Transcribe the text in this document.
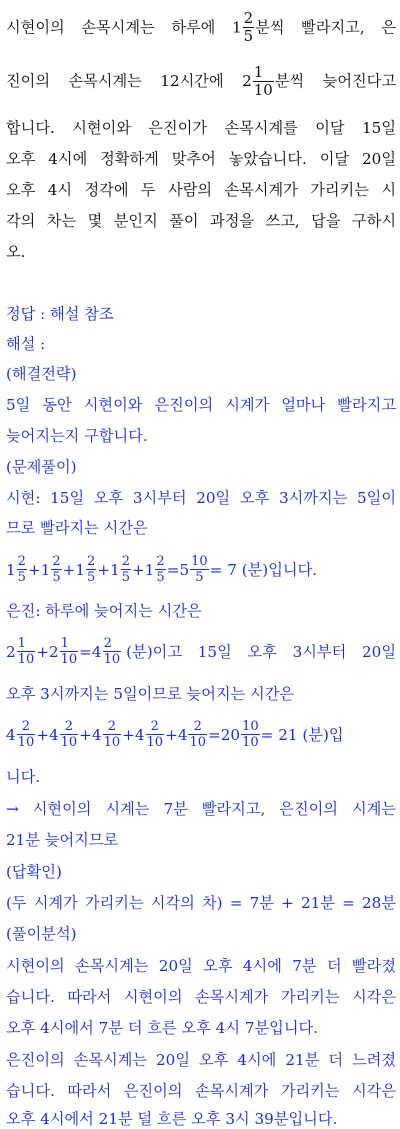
시현이의 손목시계는 하루에 $1 \frac{2}{5}$ 분씩 빨라지고, 은
진이의 손목시계는 12시간에 $2 \frac{1}{10}$ 분씩 늦어진다고
합니다. 시현이와 은진이가 손목시계를 이달 15일
오후 4시에 정확하게 맞추어 놓았습니다. 이달 20일
오후 4시 정각에 두 사람의 손목시계가 가리키는 시
각의 차는 몇 분인지 풀이 과정을 쓰고, 답을 구하시
오.
정답 : 해설 참조
해설 :
(해결전략)
5일 동안 시현이와 은진이의 시계가 얼마나 빨라지고
늦어지는지 구합니다.
(문제풀이)
시현: 15일 오후 3시부터 20일 오후 3시까지는 5일이
므로 빨라지는 시간은
$1 \frac{2}{5} +1 \frac{2}{5} +1 \frac{2}{5} +1 \frac{2}{5} +1 \frac{2}{5} =5 \frac{10}{5} = 7$ (분)입니다.
은진: 하루에 늦어지는 시간은
$2 \frac{1}{10} +2 \frac{1}{10} =4 \frac{2}{10}$ (분)이고 15일 오후 3시부터 20일
오후 3시까지는 5일이므로 늦어지는 시간은
$4 \frac{2}{10} +4 \frac{2}{10} +4 \frac{2}{10} +4 \frac{2}{10} +4 \frac{2}{10} =20 \frac{10}{10} = 21$ (분)입
니다.
→ 시현이의 시계는 7분 빨라지고, 은진이의 시계는
21분 늦어지므로
(답확인)
(두 시계가 가리키는 시각의 차) = 7분 + 21분 = 28분
(풀이분석)
시현이의 손목시계는 20일 오후 4시에 7분 더 빨라졌
습니다. 따라서 시현이의 손목시계가 가리키는 시각은
오후 4시에서 7분 더 흐른 오후 4시 7분입니다.
은진이의 손목시계는 20일 오후 4시에 21분 더 느려졌
습니다. 따라서 은진이의 손목시계가 가리키는 시각은
오후 4시에서 21분 덜 흐른 오후 3시 39분입니다.
